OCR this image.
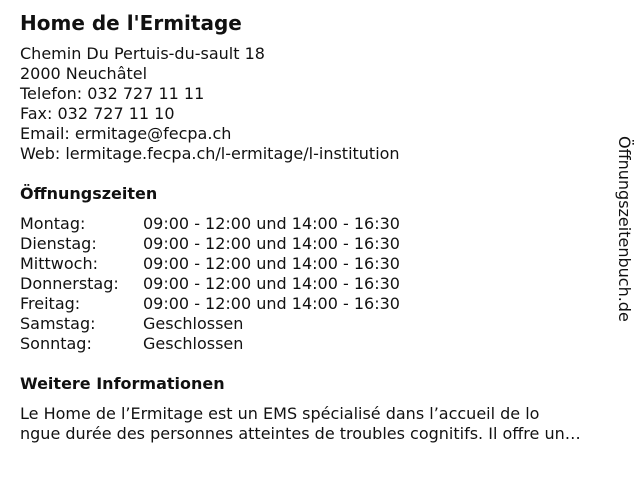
Home de l'Ermitage
Chemin Du Pertuis-du-sault 18
2000 Neuchâtel
Telefon: 032 727 11 11
Fax: 032 727 11 10
Email: ermitage@fecpa.ch
Web: lermitage.fecpa.ch/l-ermitage/l-institution
Öffnungszeiten
Montag:	09:00 - 12:00 und 14:00 - 16:30
Dienstag:	09:00 - 12:00 und 14:00 - 16:30
Mittwoch:	09:00 - 12:00 und 14:00 - 16:30
Donnerstag: 09:00 - 12:00 und 14:00 - 16:30
Freitag:	09:00 - 12:00 und 14:00 - 16:30
Samstag:	Geschlossen
Sonntag:	Geschlossen
Weitere Informationen
Le Home de l’Ermitage est un EMS spécialisé dans l’accueil de lo
ngue durée des personnes atteintes de troubles cognitifs. Il offre un…
Öffnungszeitenbuch.de
